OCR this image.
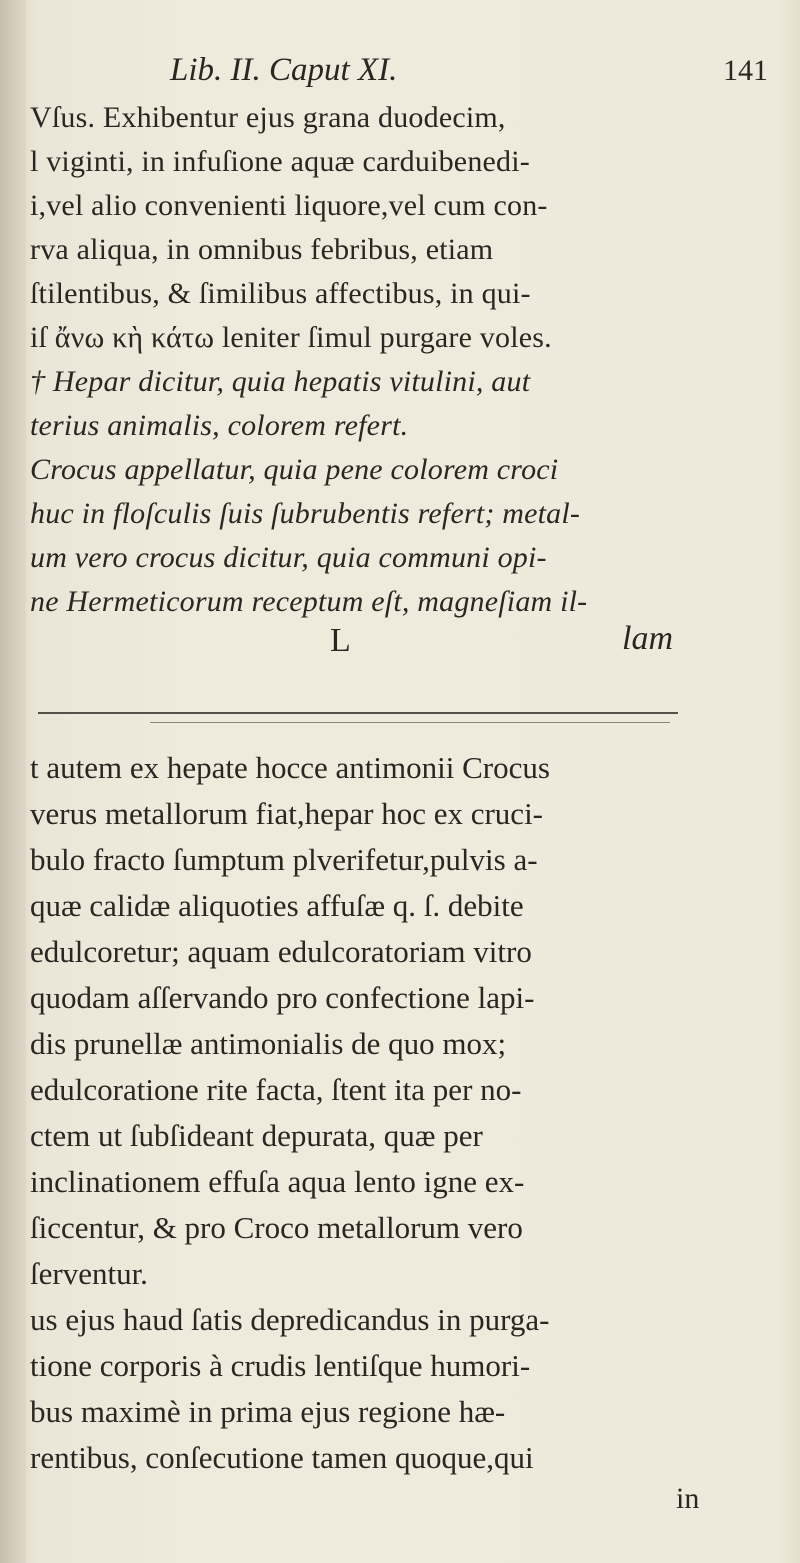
Lib. II. Caput XI.	141
Vſus. Exhibentur ejus grana duodecim,
l viginti, in infuſione aquæ carduibenedi-
i,vel alio convenienti liquore,vel cum con-
rva aliqua, in omnibus febribus, etiam
ſtilentibus, & ſimilibus affectibus, in qui-
iſ ἄνω κὴ κάτω leniter ſimul purgare voles.
† Hepar dicitur, quia hepatis vitulini, aut
terius animalis, colorem refert.
Crocus appellatur, quia pene colorem croci
huc in floſculis ſuis ſubrubentis refert; metal-
um vero crocus dicitur, quia communi opi-
ne Hermeticorum receptum eſt, magneſiam il-
L	lam
t autem ex hepate hocce antimonii Crocus
verus metallorum fiat,hepar hoc ex cruci-
bulo fracto ſumptum plverifetur,pulvis a-
quæ calidæ aliquoties affuſæ q. ſ. debite
edulcoretur; aquam edulcoratoriam vitro
quodam aſſervando pro confectione lapi-
dis prunellæ antimonialis de quo mox;
edulcoratione rite facta, ſtent ita per no-
ctem ut ſubſideant depurata, quæ per
inclinationem effuſa aqua lento igne ex-
ſiccentur, & pro Croco metallorum vero
ſerventur.
us ejus haud ſatis depredicandus in purga-
tione corporis à crudis lentiſque humori-
bus maximè in prima ejus regione hæ-
rentibus, conſecutione tamen quoque,qui
in
